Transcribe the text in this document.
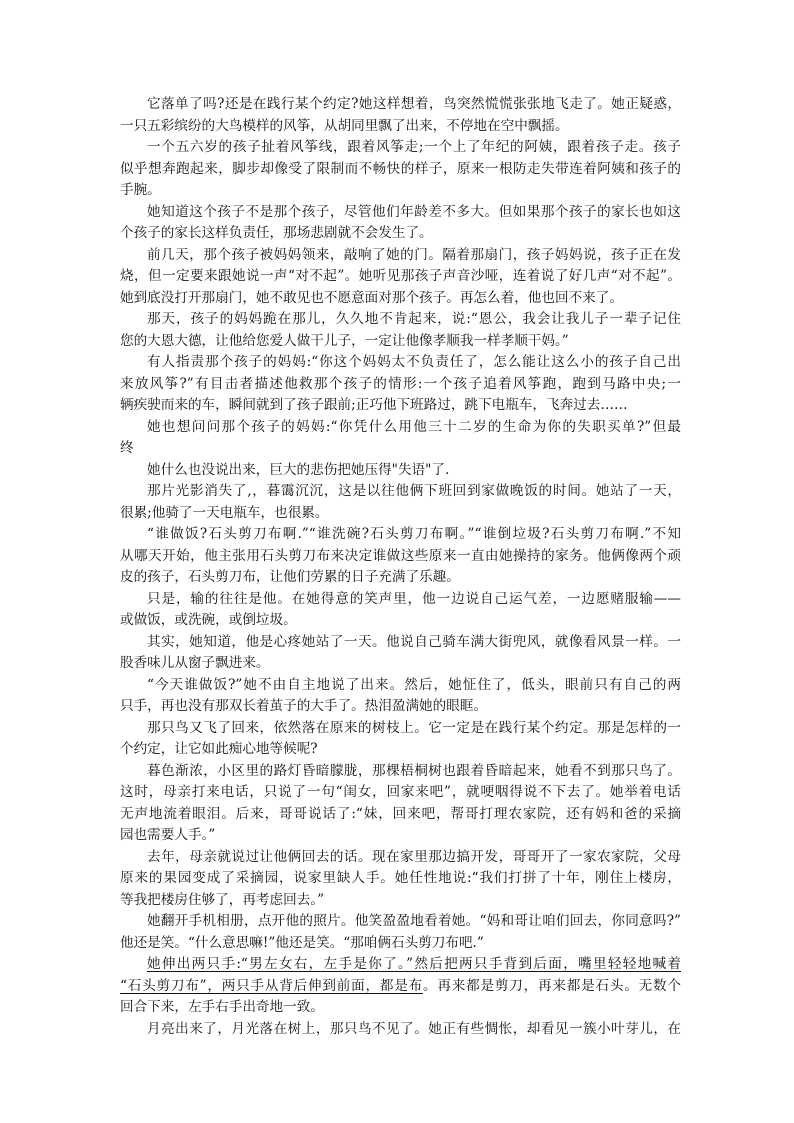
它落单了吗?还是在践行某个约定?她这样想着，鸟突然慌慌张张地飞走了。她正疑惑，
一只五彩缤纷的大鸟模样的风筝，从胡同里飘了出来，不停地在空中飘摇。
一个五六岁的孩子扯着风筝线，跟着风筝走;一个上了年纪的阿姨，跟着孩子走。孩子
似乎想奔跑起来，脚步却像受了限制而不畅快的样子，原来一根防走失带连着阿姨和孩子的
手腕。
她知道这个孩子不是那个孩子，尽管他们年龄差不多大。但如果那个孩子的家长也如这
个孩子的家长这样负责任，那场悲剧就不会发生了。
前几天，那个孩子被妈妈领来，敲响了她的门。隔着那扇门，孩子妈妈说，孩子正在发
烧，但一定要来跟她说一声“对不起”。她听见那孩子声音沙哑，连着说了好几声“对不起”。
她到底没打开那扇门，她不敢见也不愿意面对那个孩子。再怎么着，他也回不来了。
那天，孩子的妈妈跪在那儿，久久地不肯起来，说:“恩公，我会让我儿子一辈子记住
您的大恩大德，让他给您爱人做干儿子，一定让他像孝顺我一样孝顺干妈。”
有人指责那个孩子的妈妈:“你这个妈妈太不负责任了，怎么能让这么小的孩子自己出
来放风筝?”有目击者描述他救那个孩子的情形:一个孩子追着风筝跑，跑到马路中央;一
辆疾驶而来的车，瞬间就到了孩子跟前;正巧他下班路过，跳下电瓶车，飞奔过去……
她也想问问那个孩子的妈妈:“你凭什么用他三十二岁的生命为你的失职买单?”但最
终
她什么也没说出来，巨大的悲伤把她压得"失语"了.
那片光影消失了,，暮霭沉沉，这是以往他俩下班回到家做晚饭的时间。她站了一天，
很累;他骑了一天电瓶车，也很累。
“谁做饭?石头剪刀布啊.”“谁洗碗?石头剪刀布啊。”“谁倒垃圾?石头剪刀布啊.”不知
从哪天开始，他主张用石头剪刀布来决定谁做这些原来一直由她操持的家务。他俩像两个顽
皮的孩子，石头剪刀布，让他们劳累的日子充满了乐趣。
只是，输的往往是他。在她得意的笑声里，他一边说自己运气差，一边愿赌服输——
或做饭，或洗碗，或倒垃圾。
其实，她知道，他是心疼她站了一天。他说自己骑车满大街兜风，就像看风景一样。一
股香味儿从窗子飘进来。
“今天谁做饭?”她不由自主地说了出来。然后，她怔住了，低头，眼前只有自己的两
只手，再也没有那双长着茧子的大手了。热泪盈满她的眼眶。
那只鸟又飞了回来，依然落在原来的树枝上。它一定是在践行某个约定。那是怎样的一
个约定，让它如此痴心地等候呢?
暮色渐浓，小区里的路灯昏暗朦胧，那棵梧桐树也跟着昏暗起来，她看不到那只鸟了。
这时，母亲打来电话，只说了一句“闺女，回家来吧”，就哽咽得说不下去了。她举着电话
无声地流着眼泪。后来，哥哥说话了:“妹，回来吧，帮哥打理农家院，还有妈和爸的采摘
园也需要人手。”
去年，母亲就说过让他俩回去的话。现在家里那边搞开发，哥哥开了一家农家院，父母
原来的果园变成了采摘园，说家里缺人手。她任性地说:“我们打拼了十年，刚住上楼房，
等我把楼房住够了，再考虑回去。”
她翻开手机相册，点开他的照片。他笑盈盈地看着她。“妈和哥让咱们回去，你同意吗?”
他还是笑。“什么意思嘛!”他还是笑。“那咱俩石头剪刀布吧.”
她伸出两只手:“男左女右，左手是你了。”然后把两只手背到后面，嘴里轻轻地喊着
“石头剪刀布”，两只手从背后伸到前面，都是布。再来都是剪刀，再来都是石头。无数个
回合下来，左手右手出奇地一致。
月亮出来了，月光落在树上，那只鸟不见了。她正有些惆怅，却看见一簇小叶芽儿，在
